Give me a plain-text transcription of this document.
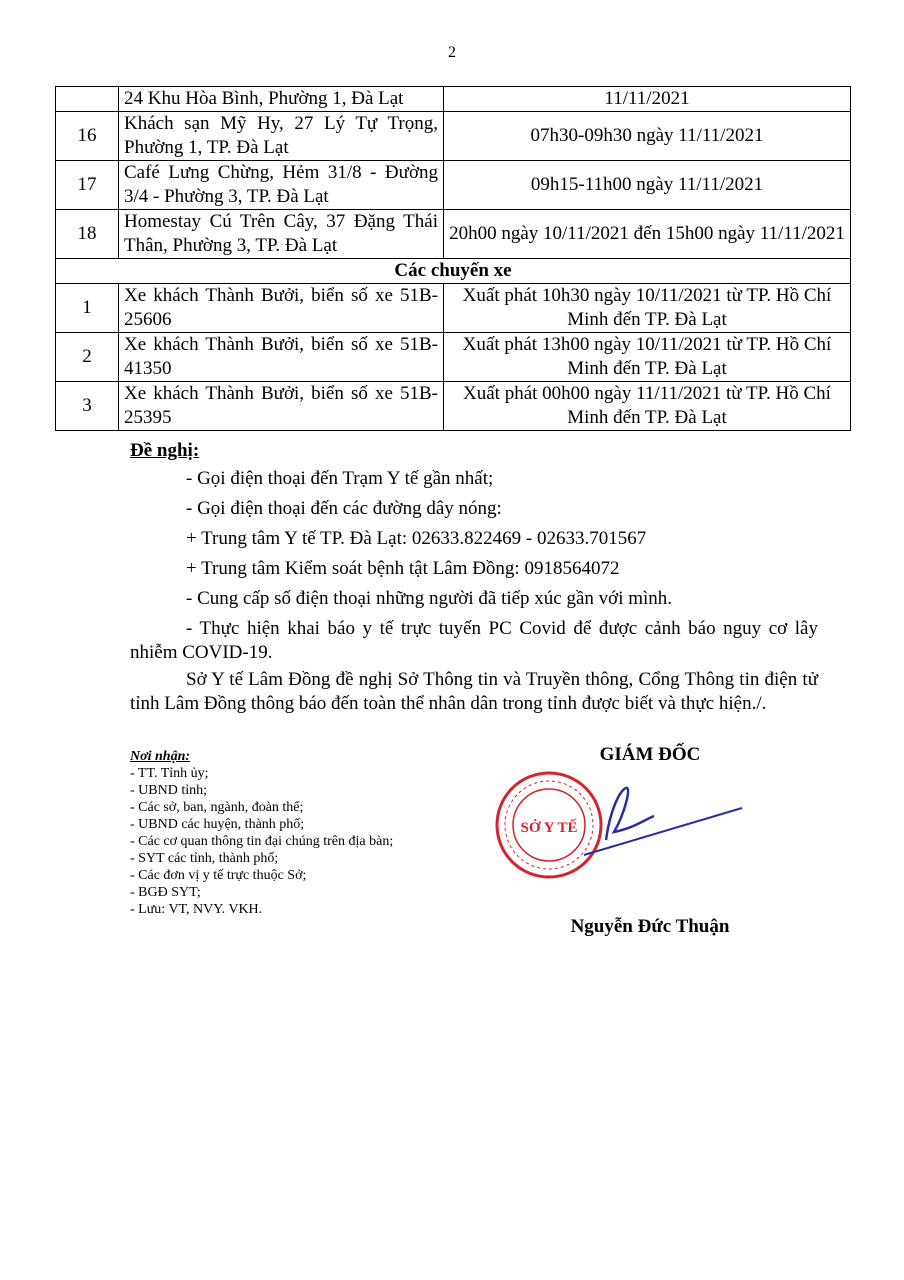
2
	24 Khu Hòa Bình, Phường 1, Đà Lạt	11/11/2021
16	Khách sạn Mỹ Hy, 27 Lý Tự Trọng, Phường 1, TP. Đà Lạt	07h30-09h30 ngày 11/11/2021
17	Café Lưng Chừng, Hẻm 31/8 - Đường 3/4 - Phường 3, TP. Đà Lạt	09h15-11h00 ngày 11/11/2021
18	Homestay Cú Trên Cây, 37 Đặng Thái Thân, Phường 3, TP. Đà Lạt	20h00 ngày 10/11/2021 đến 15h00 ngày 11/11/2021
Các chuyến xe		
1	Xe khách Thành Bưởi, biển số xe 51B-25606	Xuất phát 10h30 ngày 10/11/2021 từ TP. Hồ Chí Minh đến TP. Đà Lạt
2	Xe khách Thành Bưởi, biển số xe 51B-41350	Xuất phát 13h00 ngày 10/11/2021 từ TP. Hồ Chí Minh đến TP. Đà Lạt
3	Xe khách Thành Bưởi, biển số xe 51B-25395	Xuất phát 00h00 ngày 11/11/2021 từ TP. Hồ Chí Minh đến TP. Đà Lạt
Đề nghị:
- Gọi điện thoại đến Trạm Y tế gần nhất;
- Gọi điện thoại đến các đường dây nóng:
+ Trung tâm Y tế TP. Đà Lạt: 02633.822469 - 02633.701567
+ Trung tâm Kiểm soát bệnh tật Lâm Đồng: 0918564072
- Cung cấp số điện thoại những người đã tiếp xúc gần với mình.
- Thực hiện khai báo y tế trực tuyến PC Covid để được cảnh báo nguy cơ lây nhiễm COVID-19.
Sở Y tế Lâm Đồng đề nghị Sở Thông tin và Truyền thông, Cổng Thông tin điện tử tỉnh Lâm Đồng thông báo đến toàn thể nhân dân trong tỉnh được biết và thực hiện./.
Nơi nhận:
- TT. Tỉnh ủy;
- UBND tỉnh;
- Các sở, ban, ngành, đoàn thể;
- UBND các huyện, thành phố;
- Các cơ quan thông tin đại chúng trên địa bàn;
- SYT các tỉnh, thành phố;
- Các đơn vị y tế trực thuộc Sở;
- BGĐ SYT;
- Lưu: VT, NVY. VKH.
GIÁM ĐỐC
SỞ Y TẾ
Nguyễn Đức Thuận
